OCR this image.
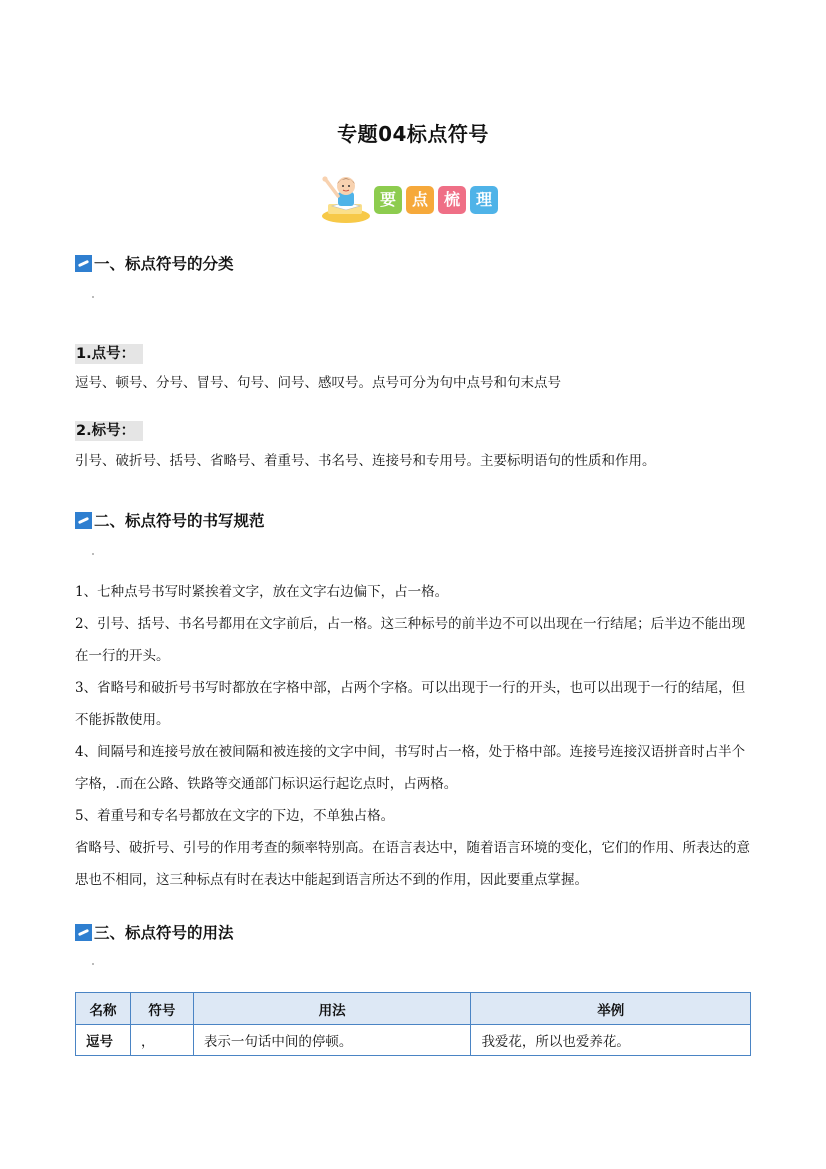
专题04标点符号
要 点 梳 理
一、标点符号的分类
1.点号：
逗号、顿号、分号、冒号、句号、问号、感叹号。点号可分为句中点号和句末点号
2.标号：
引号、破折号、括号、省略号、着重号、书名号、连接号和专用号。主要标明语句的性质和作用。
二、标点符号的书写规范
1、七种点号书写时紧挨着文字，放在文字右边偏下，占一格。
2、引号、括号、书名号都用在文字前后，占一格。这三种标号的前半边不可以出现在一行结尾；后半边不能出现在一行的开头。
3、省略号和破折号书写时都放在字格中部，占两个字格。可以出现于一行的开头，也可以出现于一行的结尾，但不能拆散使用。
4、间隔号和连接号放在被间隔和被连接的文字中间，书写时占一格，处于格中部。连接号连接汉语拼音时占半个字格，.而在公路、铁路等交通部门标识运行起讫点时，占两格。
5、着重号和专名号都放在文字的下边，不单独占格。
省略号、破折号、引号的作用考查的频率特别高。在语言表达中，随着语言环境的变化，它们的作用、所表达的意思也不相同，这三种标点有时在表达中能起到语言所达不到的作用，因此要重点掌握。
三、标点符号的用法
名称	符号	用法	举例
逗号	，	表示一句话中间的停顿。	我爱花，所以也爱养花。
